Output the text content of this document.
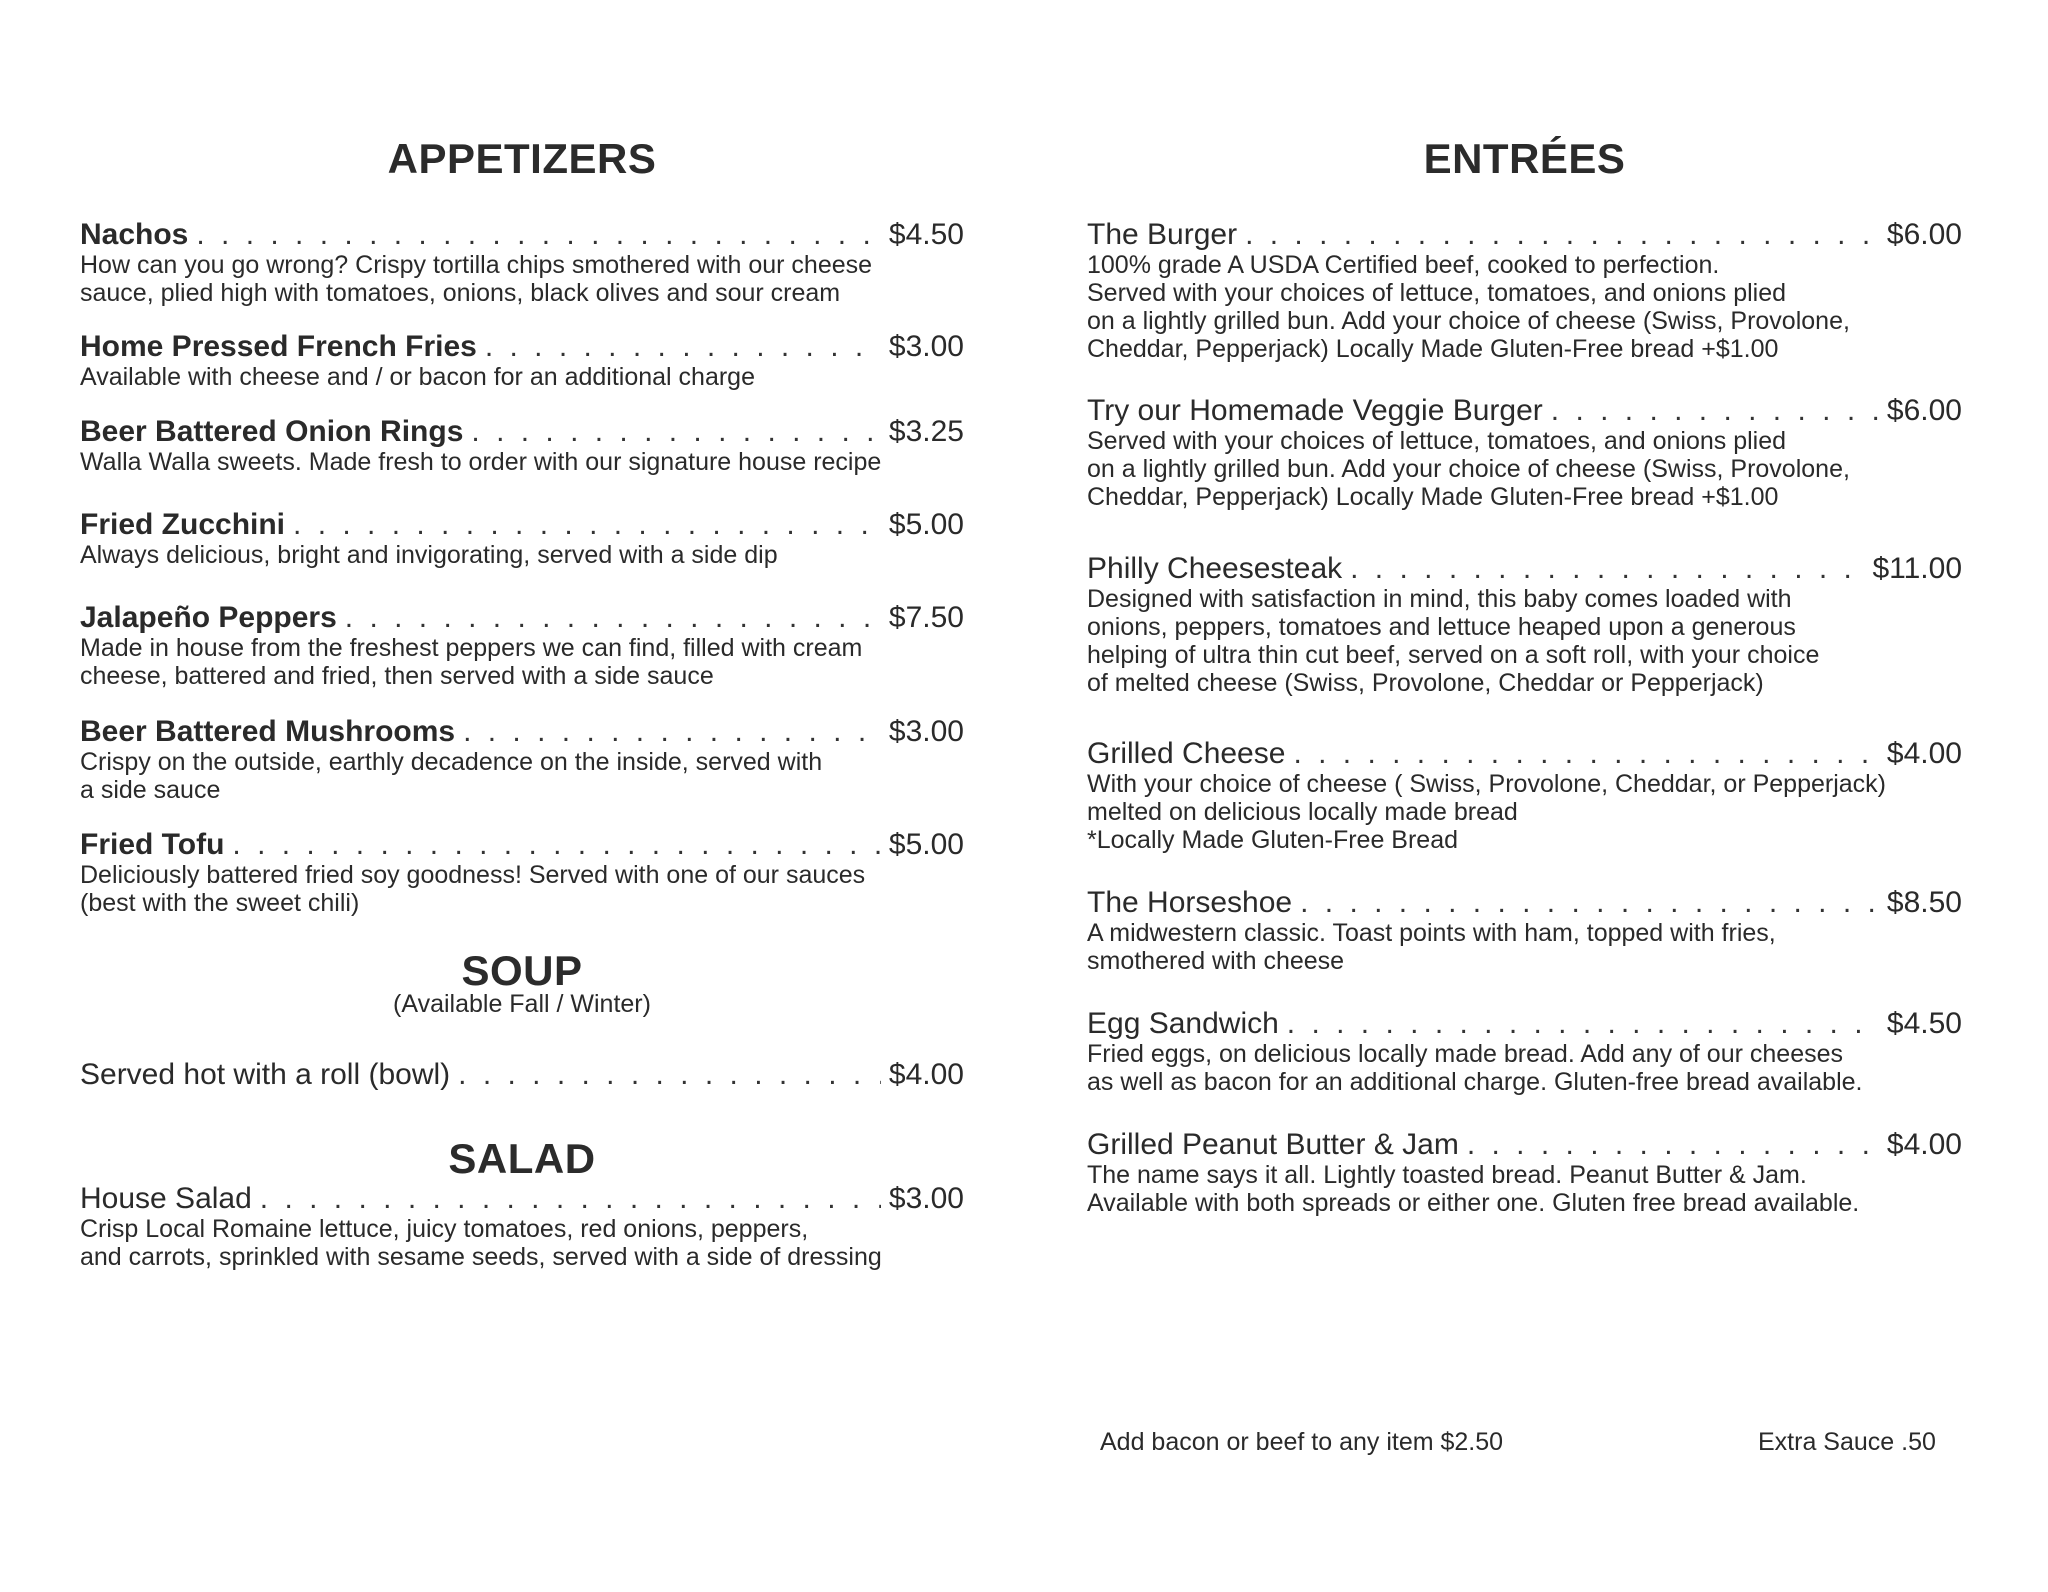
APPETIZERS
Nachos . . .	$4.50
How can you go wrong? Crispy tortilla chips smothered with our cheese
sauce, plied high with tomatoes, onions, black olives and sour cream
Home Pressed French Fries . . .	$3.00
Available with cheese and / or bacon for an additional charge
Beer Battered Onion Rings . . .	$3.25
Walla Walla sweets. Made fresh to order with our signature house recipe
Fried Zucchini . . .	$5.00
Always delicious, bright and invigorating, served with a side dip
Jalapeño Peppers . . .	$7.50
Made in house from the freshest peppers we can find, filled with cream
cheese, battered and fried, then served with a side sauce
Beer Battered Mushrooms . . .	$3.00
Crispy on the outside, earthly decadence on the inside, served with
a side sauce
Fried Tofu . . .	$5.00
Deliciously battered fried soy goodness! Served with one of our sauces
(best with the sweet chili)
SOUP
(Available Fall / Winter)
Served hot with a roll (bowl) . . .	$4.00
SALAD
House Salad . . .	$3.00
Crisp Local Romaine lettuce, juicy tomatoes, red onions, peppers,
and carrots, sprinkled with sesame seeds, served with a side of dressing
ENTRÉES
The Burger . . .	$6.00
100% grade A USDA Certified beef, cooked to perfection.
Served with your choices of lettuce, tomatoes, and onions plied
on a lightly grilled bun. Add your choice of cheese (Swiss, Provolone,
Cheddar, Pepperjack) Locally Made Gluten-Free bread +$1.00
Try our Homemade Veggie Burger . . .	$6.00
Served with your choices of lettuce, tomatoes, and onions plied
on a lightly grilled bun. Add your choice of cheese (Swiss, Provolone,
Cheddar, Pepperjack) Locally Made Gluten-Free bread +$1.00
Philly Cheesesteak . . .	$11.00
Designed with satisfaction in mind, this baby comes loaded with
onions, peppers, tomatoes and lettuce heaped upon a generous
helping of ultra thin cut beef, served on a soft roll, with your choice
of melted cheese (Swiss, Provolone, Cheddar or Pepperjack)
Grilled Cheese . . .	$4.00
With your choice of cheese ( Swiss, Provolone, Cheddar, or Pepperjack)
melted on delicious locally made bread
*Locally Made Gluten-Free Bread
The Horseshoe . . .	$8.50
A midwestern classic. Toast points with ham, topped with fries,
smothered with cheese
Egg Sandwich . . .	$4.50
Fried eggs, on delicious locally made bread. Add any of our cheeses
as well as bacon for an additional charge. Gluten-free bread available.
Grilled Peanut Butter & Jam . . .	$4.00
The name says it all. Lightly toasted bread. Peanut Butter & Jam.
Available with both spreads or either one. Gluten free bread available.
Add bacon or beef to any item $2.50	Extra Sauce .50
